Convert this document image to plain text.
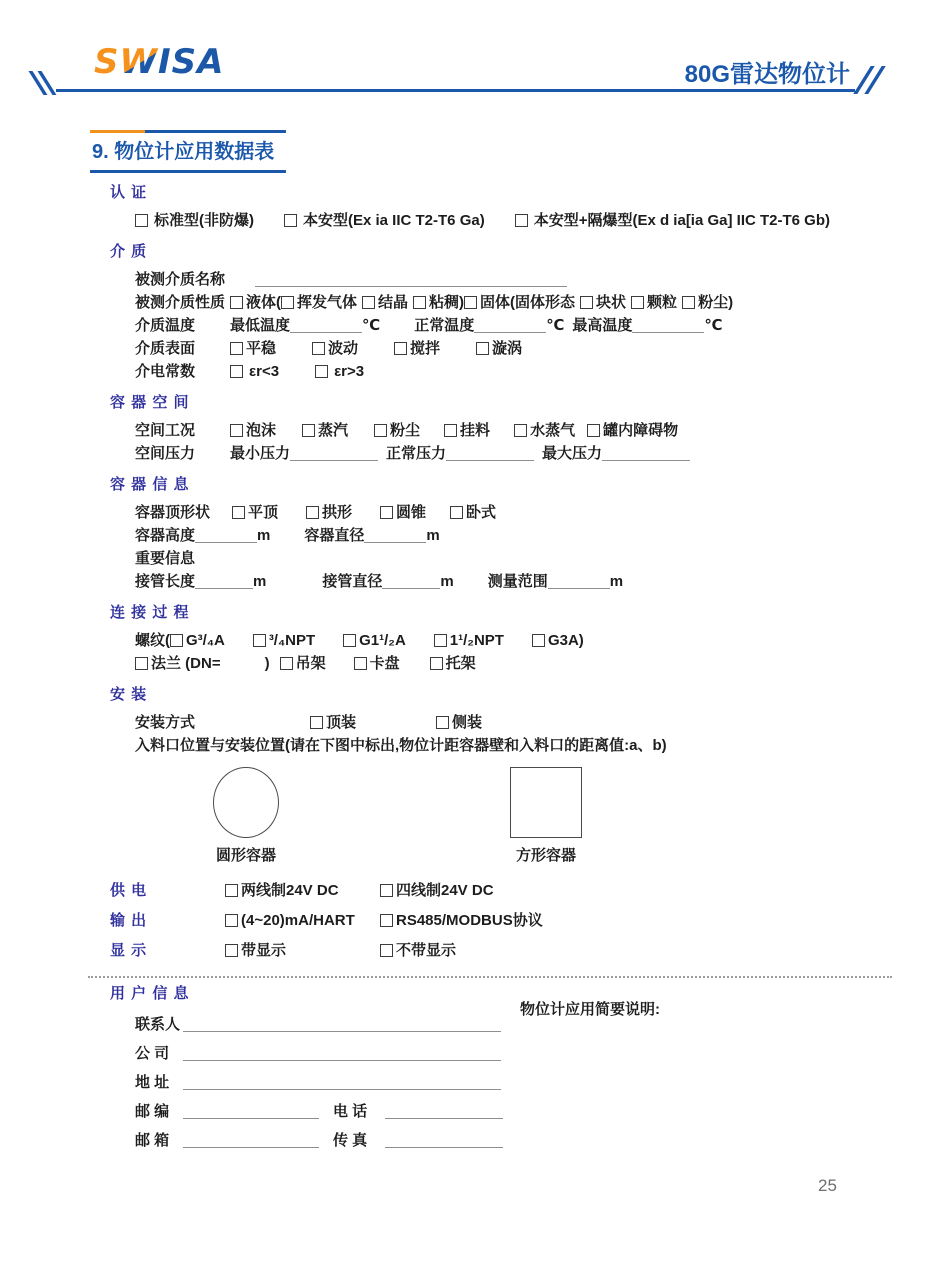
SWISA	80G雷达物位计
9. 物位计应用数据表
认 证
标准型(非防爆)	本安型(Ex ia IIC T2-T6 Ga)	本安型+隔爆型(Ex d ia[ia Ga] IIC T2-T6 Gb)
介 质
被测介质名称
被测介质性质 液体( 挥发气体 结晶 粘稠) 固体(固体形态 块状 颗粒 粉尘)
介质温度 最低温度	℃ 正常温度	℃ 最高温度	℃
介质表面	平稳	波动	搅拌	漩涡
介电常数	εr<3	εr>3
容 器 空 间
空间工况	泡沫	蒸汽	粉尘	挂料	水蒸气 罐内障碍物
空间压力 最小压力	正常压力	最大压力
容 器 信 息
容器顶形状	平顶	拱形	圆锥	卧式
容器高度	m 容器直径	m
重要信息
接管长度	m	接管直径	m 测量范围	m
连 接 过 程
螺纹( G³/₄A	³/₄NPT	G1¹/₂A	1¹/₂NPT	G3A)
法兰 (DN=	) 吊架	卡盘	托架
安 装
安装方式	顶装	侧装
入料口位置与安装位置(请在下图中标出,物位计距容器壁和入料口的距离值:a、b)
圆形容器	方形容器
供 电	两线制24V DC	四线制24V DC
输 出	(4~20)mA/HART	RS485/MODBUS协议
显 示	带显示	不带显示
用 户 信 息
联系人
公 司
地 址
邮 编	电 话
邮 箱	传 真
物位计应用简要说明:
25
